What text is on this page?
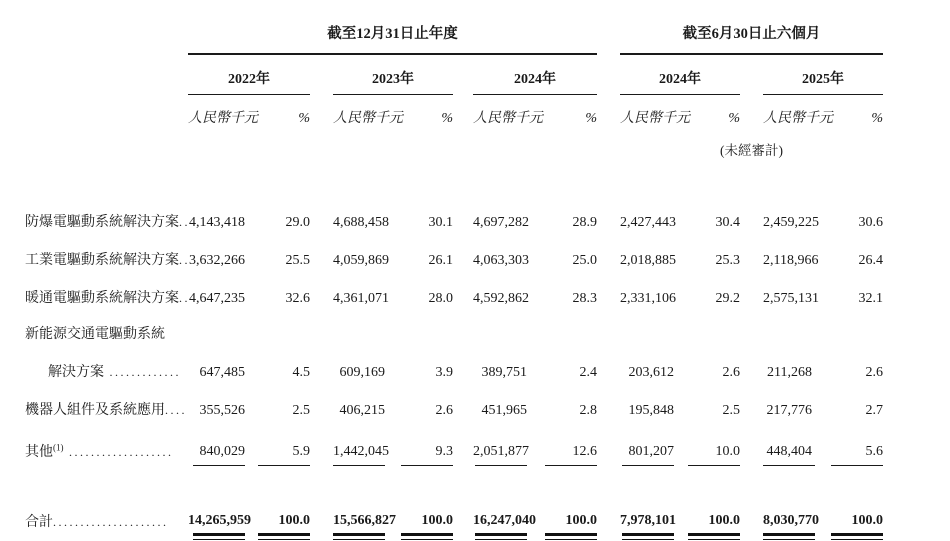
	截至12月31日止年度									截至6月30日止六個月				
	2022年			2023年			2024年			2024年			2025年	

	人民幣千元 %			人民幣千元 %			人民幣千元 %			人民幣千元 %			人民幣千元 %	

										(未經審計)				

防爆電驅動系統解決方案..	4,143,418	29.0		4,688,458	30.1		4,697,282	28.9		2,427,443	30.4		2,459,225	30.6
工業電驅動系統解決方案..	3,632,266	25.5		4,059,869	26.1		4,063,303	25.0		2,018,885	25.3		2,118,966	26.4
暖通電驅動系統解決方案..	4,647,235	32.6		4,361,071	28.0		4,592,862	28.3		2,331,106	29.2		2,575,131	32.1
新能源交通電驅動系統														
解決方案 .............	647,485	4.5		609,169	3.9		389,751	2.4		203,612	2.6		211,268	2.6
機器人組件及系統應用....	355,526	2.5		406,215	2.6		451,965	2.8		195,848	2.5		217,776	2.7
其他$^{(1)}$ ...................	840,029	5.9		1,442,045	9.3		2,051,877	12.6		801,207	10.0		448,404	5.6

合計.....................	14,265,959	100.0		15,566,827	100.0		16,247,040	100.0		7,978,101	100.0		8,030,770	100.0
